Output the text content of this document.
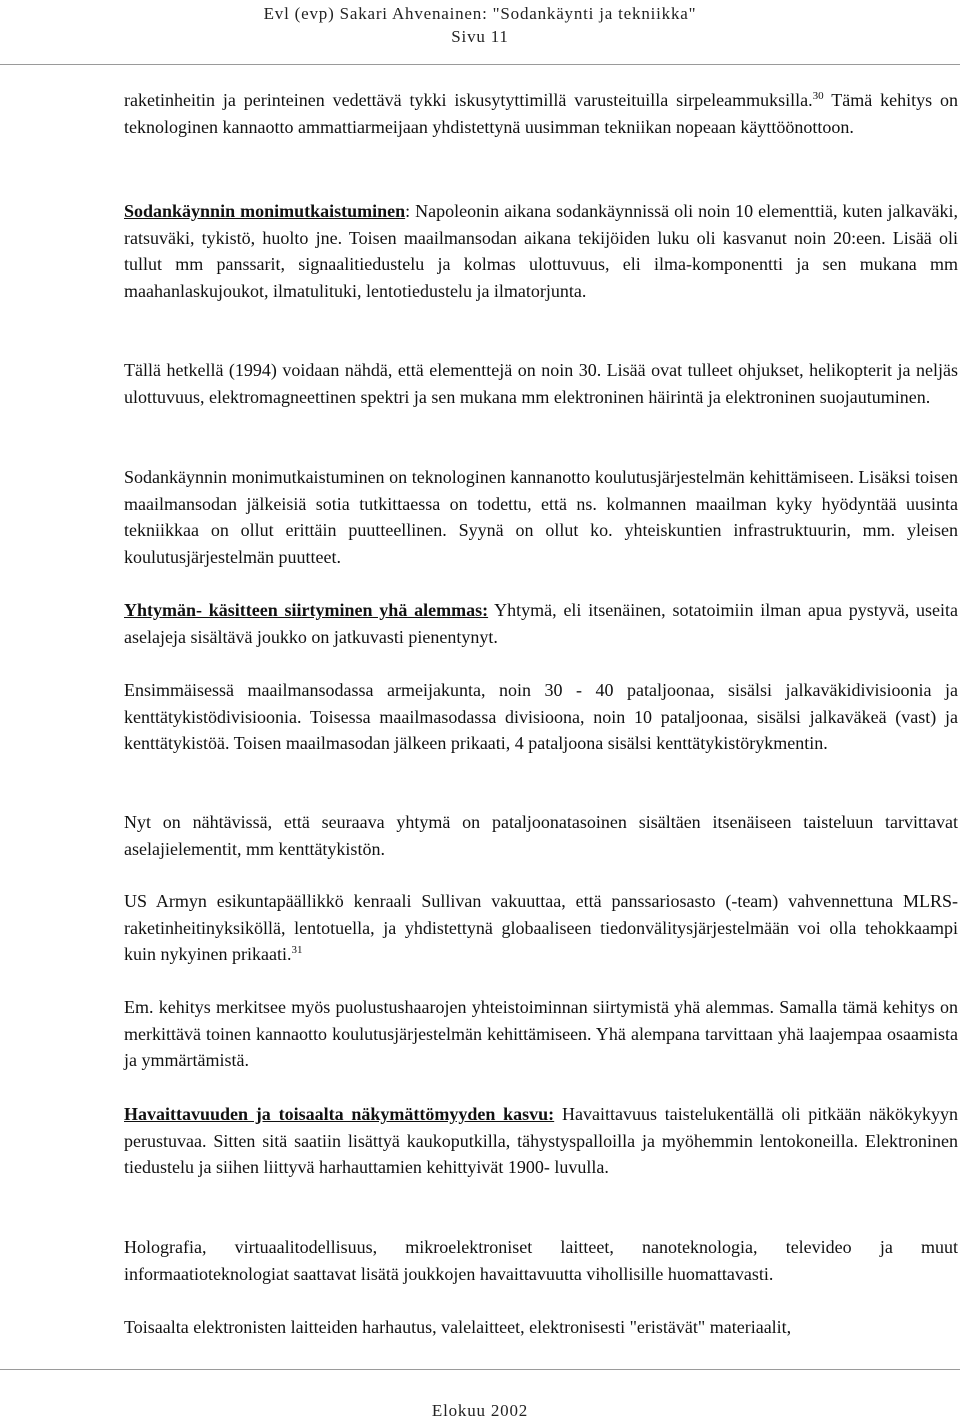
Evl (evp) Sakari Ahvenainen: "Sodankäynti ja tekniikka"
Sivu 11

raketinheitin ja perinteinen vedettävä tykki iskusytyttimillä varusteituilla sirpeleammuksilla.$^{30}$ Tämä kehitys on teknologinen kannaotto ammattiarmeijaan yhdistettynä uusimman tekniikan nopeaan käyttöönottoon.

Sodankäynnin monimutkaistuminen: Napoleonin aikana sodankäynnissä oli noin 10 elementtiä, kuten jalkaväki, ratsuväki, tykistö, huolto jne. Toisen maailmansodan aikana tekijöiden luku oli kasvanut noin 20:een. Lisää oli tullut mm panssarit, signaalitiedustelu ja kolmas ulottuvuus, eli ilma-komponentti ja sen mukana mm maahanlaskujoukot, ilmatulituki, lentotiedustelu ja ilmatorjunta.

Tällä hetkellä (1994) voidaan nähdä, että elementtejä on noin 30. Lisää ovat tulleet ohjukset, helikopterit ja neljäs ulottuvuus, elektromagneettinen spektri ja sen mukana mm elektroninen häirintä ja elektroninen suojautuminen.

Sodankäynnin monimutkaistuminen on teknologinen kannanotto koulutusjärjestelmän kehittämiseen. Lisäksi toisen maailmansodan jälkeisiä sotia tutkittaessa on todettu, että ns. kolmannen maailman kyky hyödyntää uusinta tekniikkaa on ollut erittäin puutteellinen. Syynä on ollut ko. yhteiskuntien infrastruktuurin, mm. yleisen koulutusjärjestelmän puutteet.

Yhtymän- käsitteen siirtyminen yhä alemmas: Yhtymä, eli itsenäinen, sotatoimiin ilman apua pystyvä, useita aselajeja sisältävä joukko on jatkuvasti pienentynyt.

Ensimmäisessä maailmansodassa armeijakunta, noin 30 - 40 pataljoonaa, sisälsi jalkaväkidivisioonia ja kenttätykistödivisioonia. Toisessa maailmasodassa divisioona, noin 10 pataljoonaa, sisälsi jalkaväkeä (vast) ja kenttätykistöä. Toisen maailmasodan jälkeen prikaati, 4 pataljoona sisälsi kenttätykistörykmentin.

Nyt on nähtävissä, että seuraava yhtymä on pataljoonatasoinen sisältäen itsenäiseen taisteluun tarvittavat aselajielementit, mm kenttätykistön.

US Armyn esikuntapäällikkö kenraali Sullivan vakuuttaa, että panssariosasto (-team) vahvennettuna MLRS- raketinheitinyksiköllä, lentotuella, ja yhdistettynä globaaliseen tiedonvälitysjärjestelmään voi olla tehokkaampi kuin nykyinen prikaati.$^{31}$

Em. kehitys merkitsee myös puolustushaarojen yhteistoiminnan siirtymistä yhä alemmas. Samalla tämä kehitys on merkittävä toinen kannaotto koulutusjärjestelmän kehittämiseen. Yhä alempana tarvittaan yhä laajempaa osaamista ja ymmärtämistä.

Havaittavuuden ja toisaalta näkymättömyyden kasvu: Havaittavuus taistelukentällä oli pitkään näkökykyyn perustuvaa. Sitten sitä saatiin lisättyä kaukoputkilla, tähystyspalloilla ja myöhemmin lentokoneilla. Elektroninen tiedustelu ja siihen liittyvä harhauttamien kehittyivät 1900- luvulla.

Holografia, virtuaalitodellisuus, mikroelektroniset laitteet, nanoteknologia, televideo ja muut informaatioteknologiat saattavat lisätä joukkojen havaittavuutta vihollisille huomattavasti.

Toisaalta elektronisten laitteiden harhautus, valelaitteet, elektronisesti "eristävät" materiaalit,

Elokuu 2002
